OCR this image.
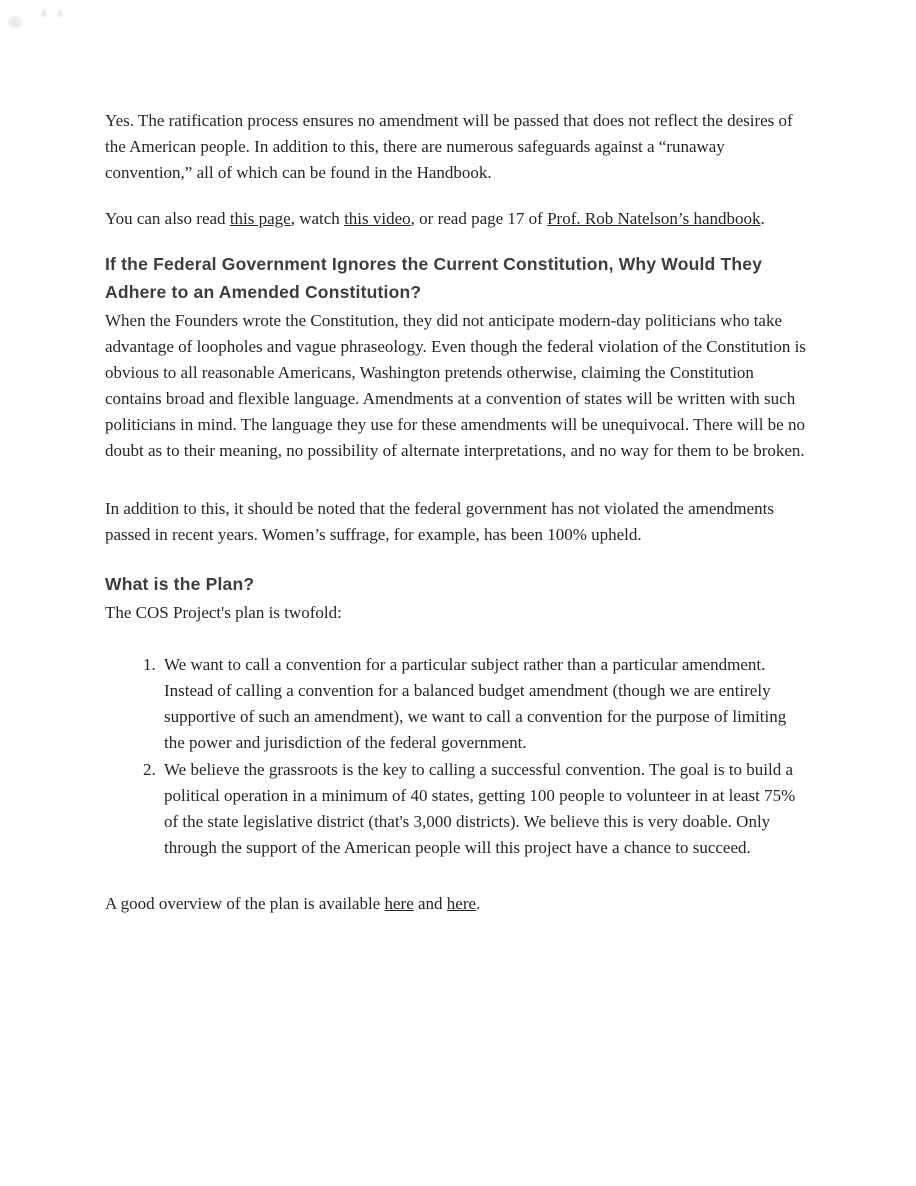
Yes. The ratification process ensures no amendment will be passed that does not reflect the desires of the American people. In addition to this, there are numerous safeguards against a “runaway convention,” all of which can be found in the Handbook.

You can also read this page, watch this video, or read page 17 of Prof. Rob Natelson’s handbook.

If the Federal Government Ignores the Current Constitution, Why Would They Adhere to an Amended Constitution?

When the Founders wrote the Constitution, they did not anticipate modern-day politicians who take advantage of loopholes and vague phraseology. Even though the federal violation of the Constitution is obvious to all reasonable Americans, Washington pretends otherwise, claiming the Constitution contains broad and flexible language. Amendments at a convention of states will be written with such politicians in mind. The language they use for these amendments will be unequivocal. There will be no doubt as to their meaning, no possibility of alternate interpretations, and no way for them to be broken.

In addition to this, it should be noted that the federal government has not violated the amendments passed in recent years. Women’s suffrage, for example, has been 100% upheld.

What is the Plan?

The COS Project's plan is twofold:

1. We want to call a convention for a particular subject rather than a particular amendment. Instead of calling a convention for a balanced budget amendment (though we are entirely supportive of such an amendment), we want to call a convention for the purpose of limiting the power and jurisdiction of the federal government.
2. We believe the grassroots is the key to calling a successful convention. The goal is to build a political operation in a minimum of 40 states, getting 100 people to volunteer in at least 75% of the state legislative district (that's 3,000 districts). We believe this is very doable. Only through the support of the American people will this project have a chance to succeed.

A good overview of the plan is available here and here.
